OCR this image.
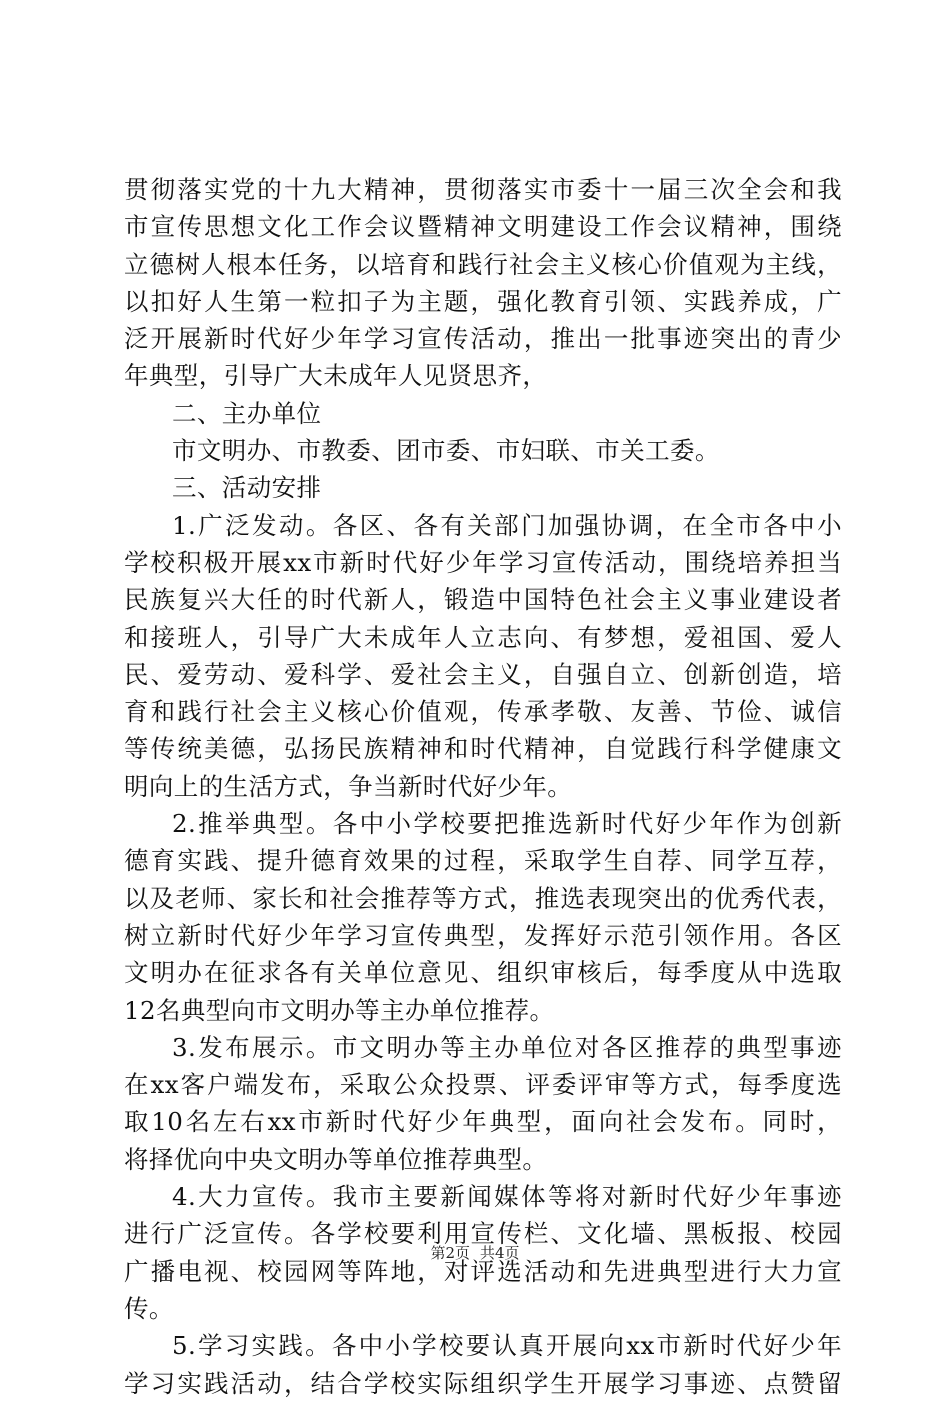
贯彻落实党的十九大精神，贯彻落实市委十一届三次全会和我
市宣传思想文化工作会议暨精神文明建设工作会议精神，围绕
立德树人根本任务，以培育和践行社会主义核心价值观为主线，
以扣好人生第一粒扣子为主题，强化教育引领、实践养成，广
泛开展新时代好少年学习宣传活动，推出一批事迹突出的青少
年典型，引导广大未成年人见贤思齐，
二、主办单位
市文明办、市教委、团市委、市妇联、市关工委。
三、活动安排
1.广泛发动。各区、各有关部门加强协调，在全市各中小
学校积极开展xx市新时代好少年学习宣传活动，围绕培养担当
民族复兴大任的时代新人，锻造中国特色社会主义事业建设者
和接班人，引导广大未成年人立志向、有梦想，爱祖国、爱人
民、爱劳动、爱科学、爱社会主义，自强自立、创新创造，培
育和践行社会主义核心价值观，传承孝敬、友善、节俭、诚信
等传统美德，弘扬民族精神和时代精神，自觉践行科学健康文
明向上的生活方式，争当新时代好少年。
2.推举典型。各中小学校要把推选新时代好少年作为创新
德育实践、提升德育效果的过程，采取学生自荐、同学互荐，
以及老师、家长和社会推荐等方式，推选表现突出的优秀代表，
树立新时代好少年学习宣传典型，发挥好示范引领作用。各区
文明办在征求各有关单位意见、组织审核后，每季度从中选取
12名典型向市文明办等主办单位推荐。
3.发布展示。市文明办等主办单位对各区推荐的典型事迹
在xx客户端发布，采取公众投票、评委评审等方式，每季度选
取10名左右xx市新时代好少年典型，面向社会发布。同时，
将择优向中央文明办等单位推荐典型。
4.大力宣传。我市主要新闻媒体等将对新时代好少年事迹
进行广泛宣传。各学校要利用宣传栏、文化墙、黑板报、校园
广播电视、校园网等阵地，对评选活动和先进典型进行大力宣
传。
5.学习实践。各中小学校要认真开展向xx市新时代好少年
学习实践活动，结合学校实际组织学生开展学习事迹、点赞留
第2页 共4页
